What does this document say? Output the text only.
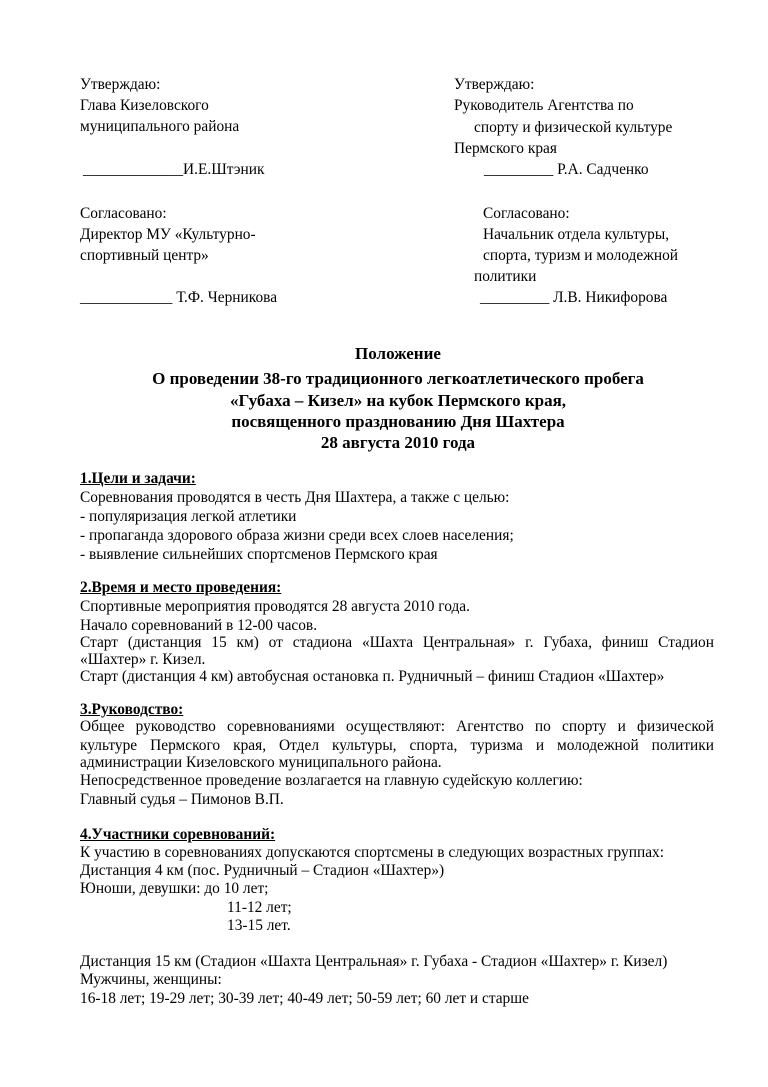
Утверждаю:
Глава Кизеловского
муниципального района
_____________И.Е.Штэник
Утверждаю:
Руководитель Агентства по
спорту и физической культуре
Пермского края
_________ Р.А. Садченко
Согласовано:
Директор МУ «Культурно-
спортивный центр»
____________ Т.Ф. Черникова
Согласовано:
Начальник отдела культуры,
спорта, туризм и молодежной
политики
_________ Л.В. Никифорова
Положение
О проведении 38-го традиционного легкоатлетического пробега
«Губаха – Кизел» на кубок Пермского края,
посвященного празднованию Дня Шахтера
28 августа 2010 года
1.Цели и задачи:
Соревнования проводятся в честь Дня Шахтера, а также с целью:
- популяризация легкой атлетики
- пропаганда здорового образа жизни среди всех слоев населения;
- выявление сильнейших спортсменов Пермского края
2.Время и место проведения:
Спортивные мероприятия проводятся 28 августа 2010 года.
Начало соревнований в 12-00 часов.
Старт (дистанция 15 км) от стадиона «Шахта Центральная» г. Губаха, финиш Стадион
«Шахтер» г. Кизел.
Старт (дистанция 4 км) автобусная остановка п. Рудничный – финиш Стадион «Шахтер»
3.Руководство:
Общее руководство соревнованиями осуществляют: Агентство по спорту и физической
культуре Пермского края, Отдел культуры, спорта, туризма и молодежной политики
администрации Кизеловского муниципального района.
Непосредственное проведение возлагается на главную судейскую коллегию:
Главный судья – Пимонов В.П.
4.Участники соревнований:
К участию в соревнованиях допускаются спортсмены в следующих возрастных группах:
Дистанция 4 км (пос. Рудничный – Стадион «Шахтер»)
Юноши, девушки: до 10 лет;
11-12 лет;
13-15 лет.
Дистанция 15 км (Стадион «Шахта Центральная» г. Губаха - Стадион «Шахтер» г. Кизел)
Мужчины, женщины:
16-18 лет; 19-29 лет; 30-39 лет; 40-49 лет; 50-59 лет; 60 лет и старше
